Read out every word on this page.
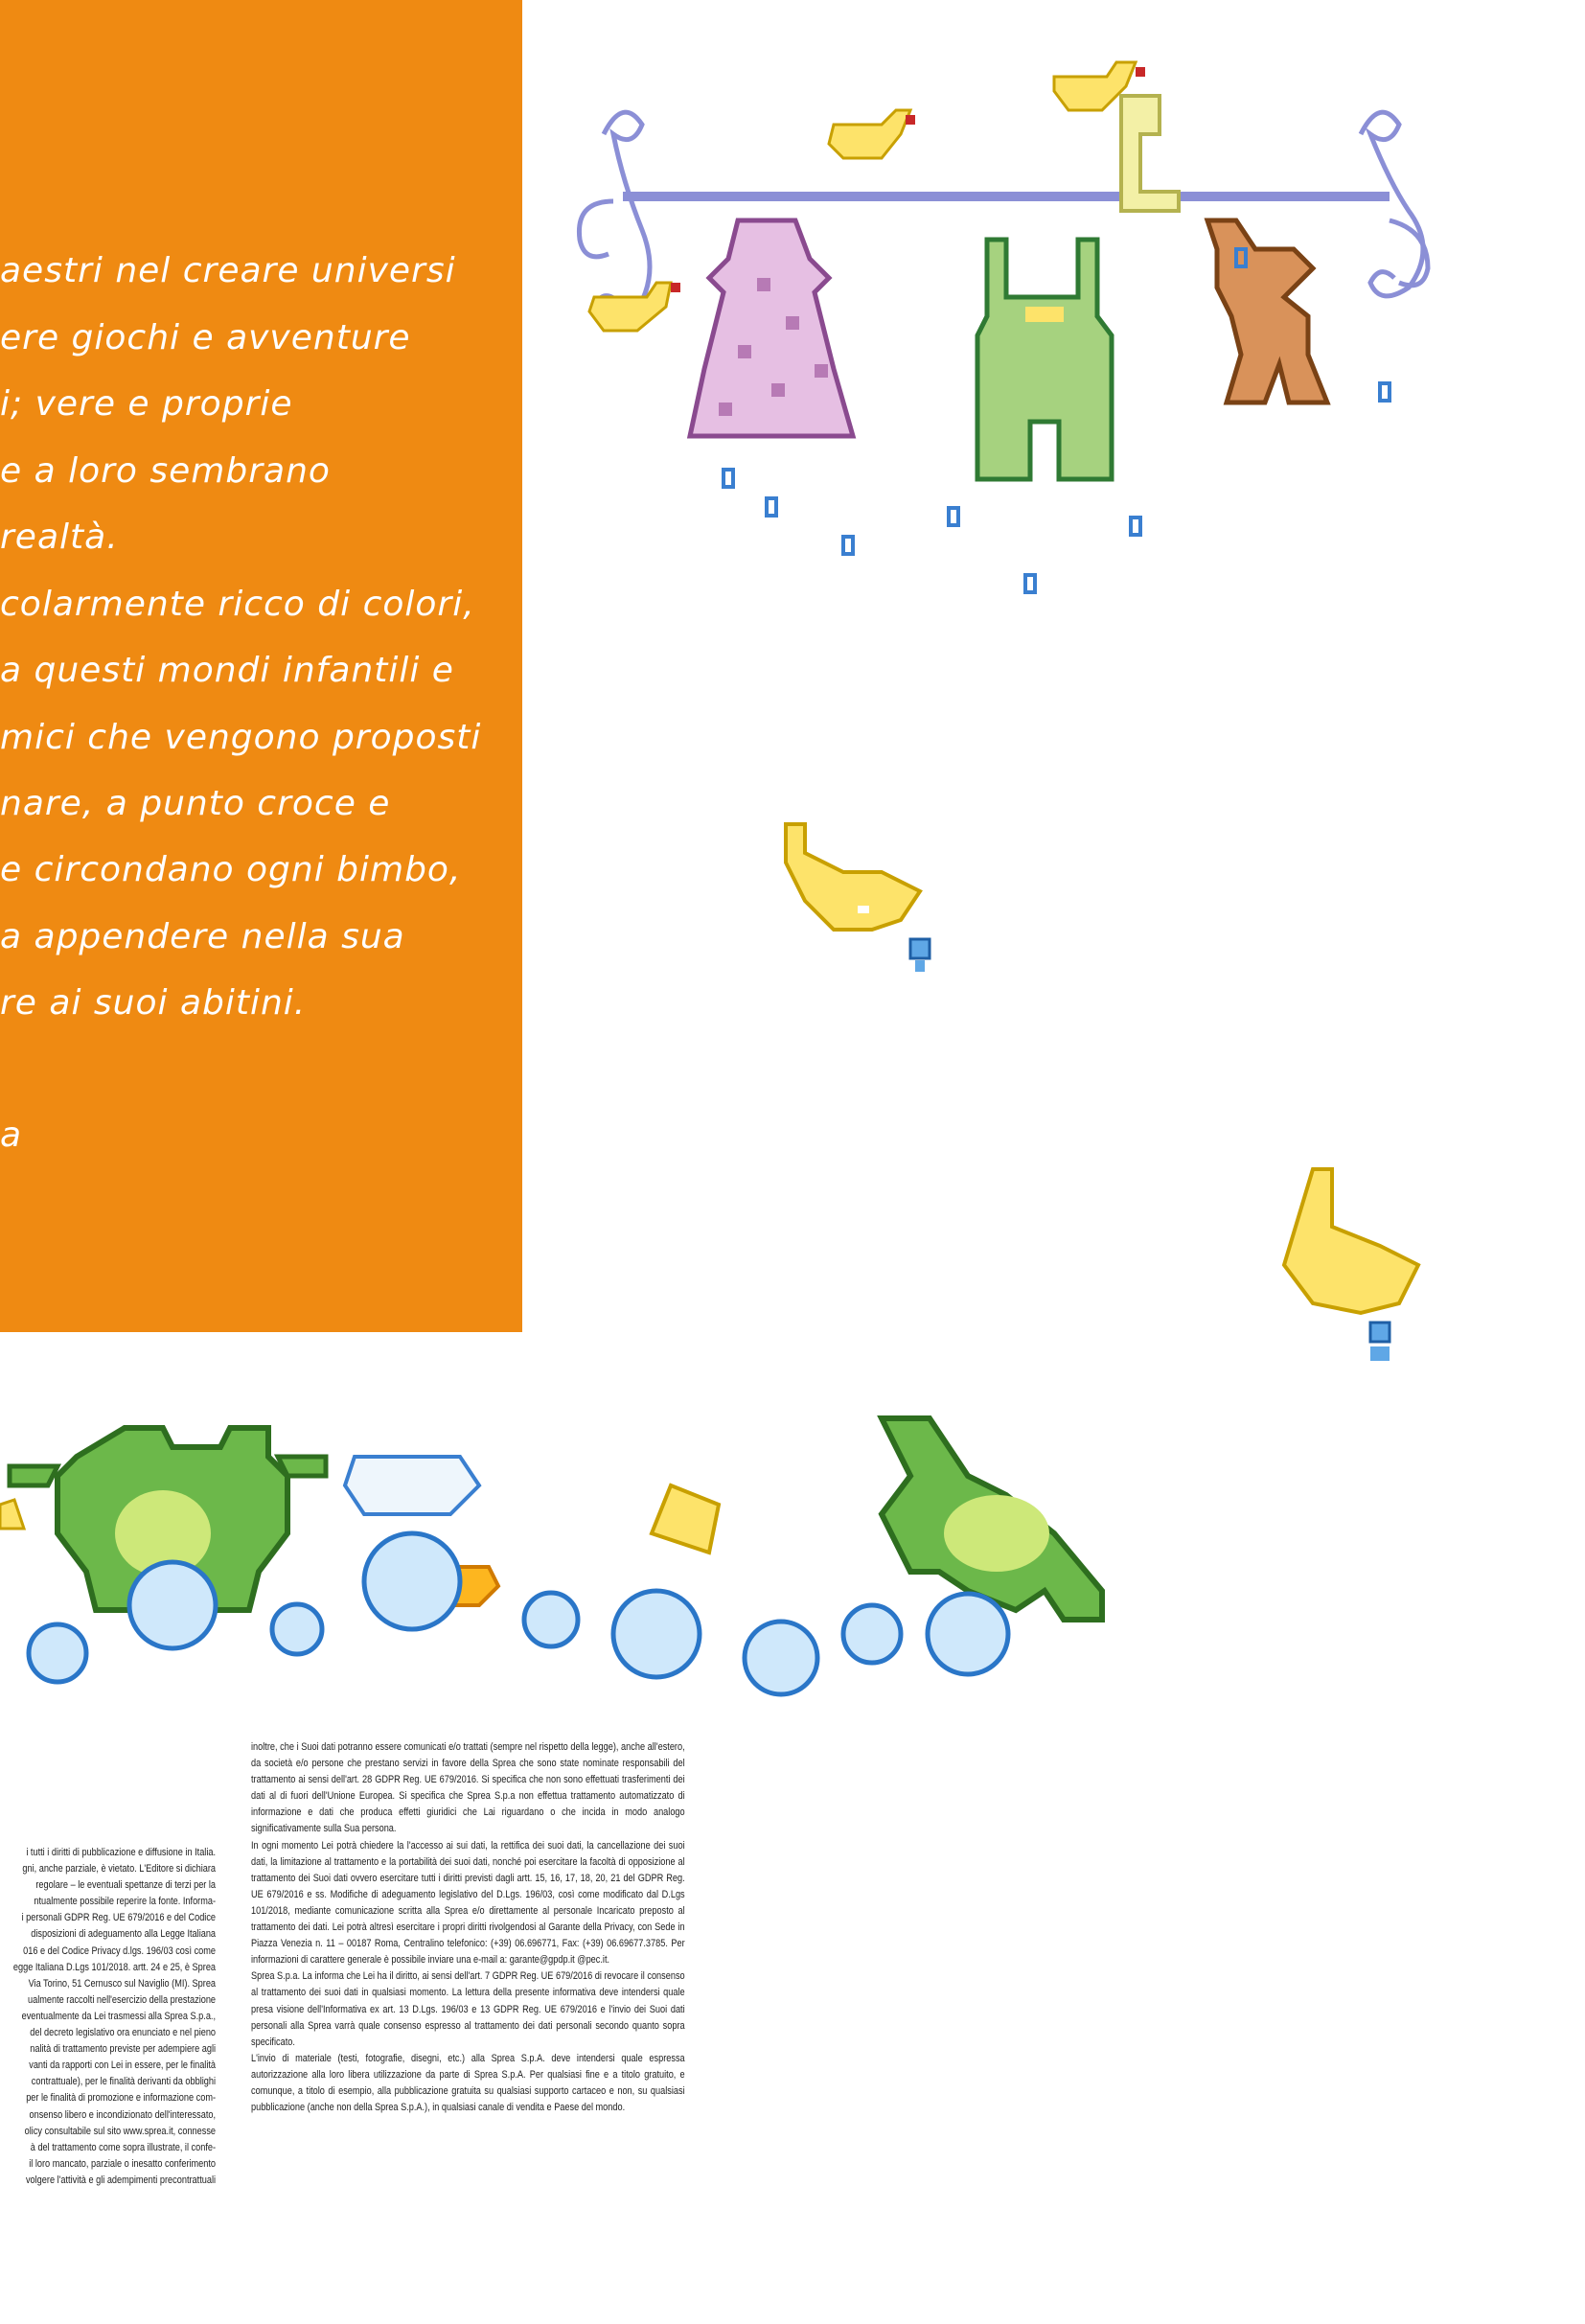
aestri nel creare universi
ere giochi e avventure
i; vere e proprie
e a loro sembrano
realtà.
colarmente ricco di colori,
a questi mondi infantili e
mici che vengono proposti
nare, a punto croce e
e circondano ogni bimbo,
a appendere nella sua
re ai suoi abitini.
a

i tutti i diritti di pubblicazione e diffusione in Italia.

gni, anche parziale, è vietato. L'Editore si dichiara

regolare – le eventuali spettanze di terzi per la

ntualmente possibile reperire la fonte. Informa-

i personali GDPR Reg. UE 679/2016 e del Codice

disposizioni di adeguamento alla Legge Italiana

016 e del Codice Privacy d.lgs. 196/03 così come

egge Italiana D.Lgs 101/2018. artt. 24 e 25, è Sprea

Via Torino, 51 Cernusco sul Naviglio (MI). Sprea

ualmente raccolti nell'esercizio della prestazione

eventualmente da Lei trasmessi alla Sprea S.p.a.,

del decreto legislativo ora enunciato e nel pieno

nalità di trattamento previste per adempiere agli

vanti da rapporti con Lei in essere, per le finalità

contrattuale), per le finalità derivanti da obblighi

per le finalità di promozione e informazione com-

onsenso libero e incondizionato dell'interessato,

olicy consultabile sul sito www.sprea.it, connesse

à del trattamento come sopra illustrate, il confe-

il loro mancato, parziale o inesatto conferimento

volgere l'attività e gli adempimenti precontrattuali

inoltre, che i Suoi dati potranno essere comunicati e/o trattati (sempre nel rispetto della legge), anche all'estero, da società e/o persone che prestano servizi in favore della Sprea che sono state nominate responsabili del trattamento ai sensi dell'art. 28 GDPR Reg. UE 679/2016. Si specifica che non sono effettuati trasferimenti dei dati al di fuori dell'Unione Europea. Si specifica che Sprea S.p.a non effettua trattamento automatizzato di informazione e dati che produca effetti giuridici che Lai riguardano o che incida in modo analogo significativamente sulla Sua persona.

In ogni momento Lei potrà chiedere la l'accesso ai sui dati, la rettifica dei suoi dati, la cancellazione dei suoi dati, la limitazione al trattamento e la portabilità dei suoi dati, nonché poi esercitare la facoltà di opposizione al trattamento dei Suoi dati ovvero esercitare tutti i diritti previsti dagli artt. 15, 16, 17, 18, 20, 21 del GDPR Reg. UE 679/2016 e ss. Modifiche di adeguamento legislativo del D.Lgs. 196/03, così come modificato dal D.Lgs 101/2018, mediante comunicazione scritta alla Sprea e/o direttamente al personale Incaricato preposto al trattamento dei dati. Lei potrà altresì esercitare i propri diritti rivolgendosi al Garante della Privacy, con Sede in Piazza Venezia n. 11 – 00187 Roma, Centralino telefonico: (+39) 06.696771, Fax: (+39) 06.69677.3785. Per informazioni di carattere generale è possibile inviare una e-mail a: garante@gpdp.it @pec.it.

Sprea S.p.a. La informa che Lei ha il diritto, ai sensi dell'art. 7 GDPR Reg. UE 679/2016 di revocare il consenso al trattamento dei suoi dati in qualsiasi momento. La lettura della presente informativa deve intendersi quale presa visione dell'Informativa ex art. 13 D.Lgs. 196/03 e 13 GDPR Reg. UE 679/2016 e l'invio dei Suoi dati personali alla Sprea varrà quale consenso espresso al trattamento dei dati personali secondo quanto sopra specificato.

L'invio di materiale (testi, fotografie, disegni, etc.) alla Sprea S.p.A. deve intendersi quale espressa autorizzazione alla loro libera utilizzazione da parte di Sprea S.p.A. Per qualsiasi fine e a titolo gratuito, e comunque, a titolo di esempio, alla pubblicazione gratuita su qualsiasi supporto cartaceo e non, su qualsiasi pubblicazione (anche non della Sprea S.p.A.), in qualsiasi canale di vendita e Paese del mondo.
